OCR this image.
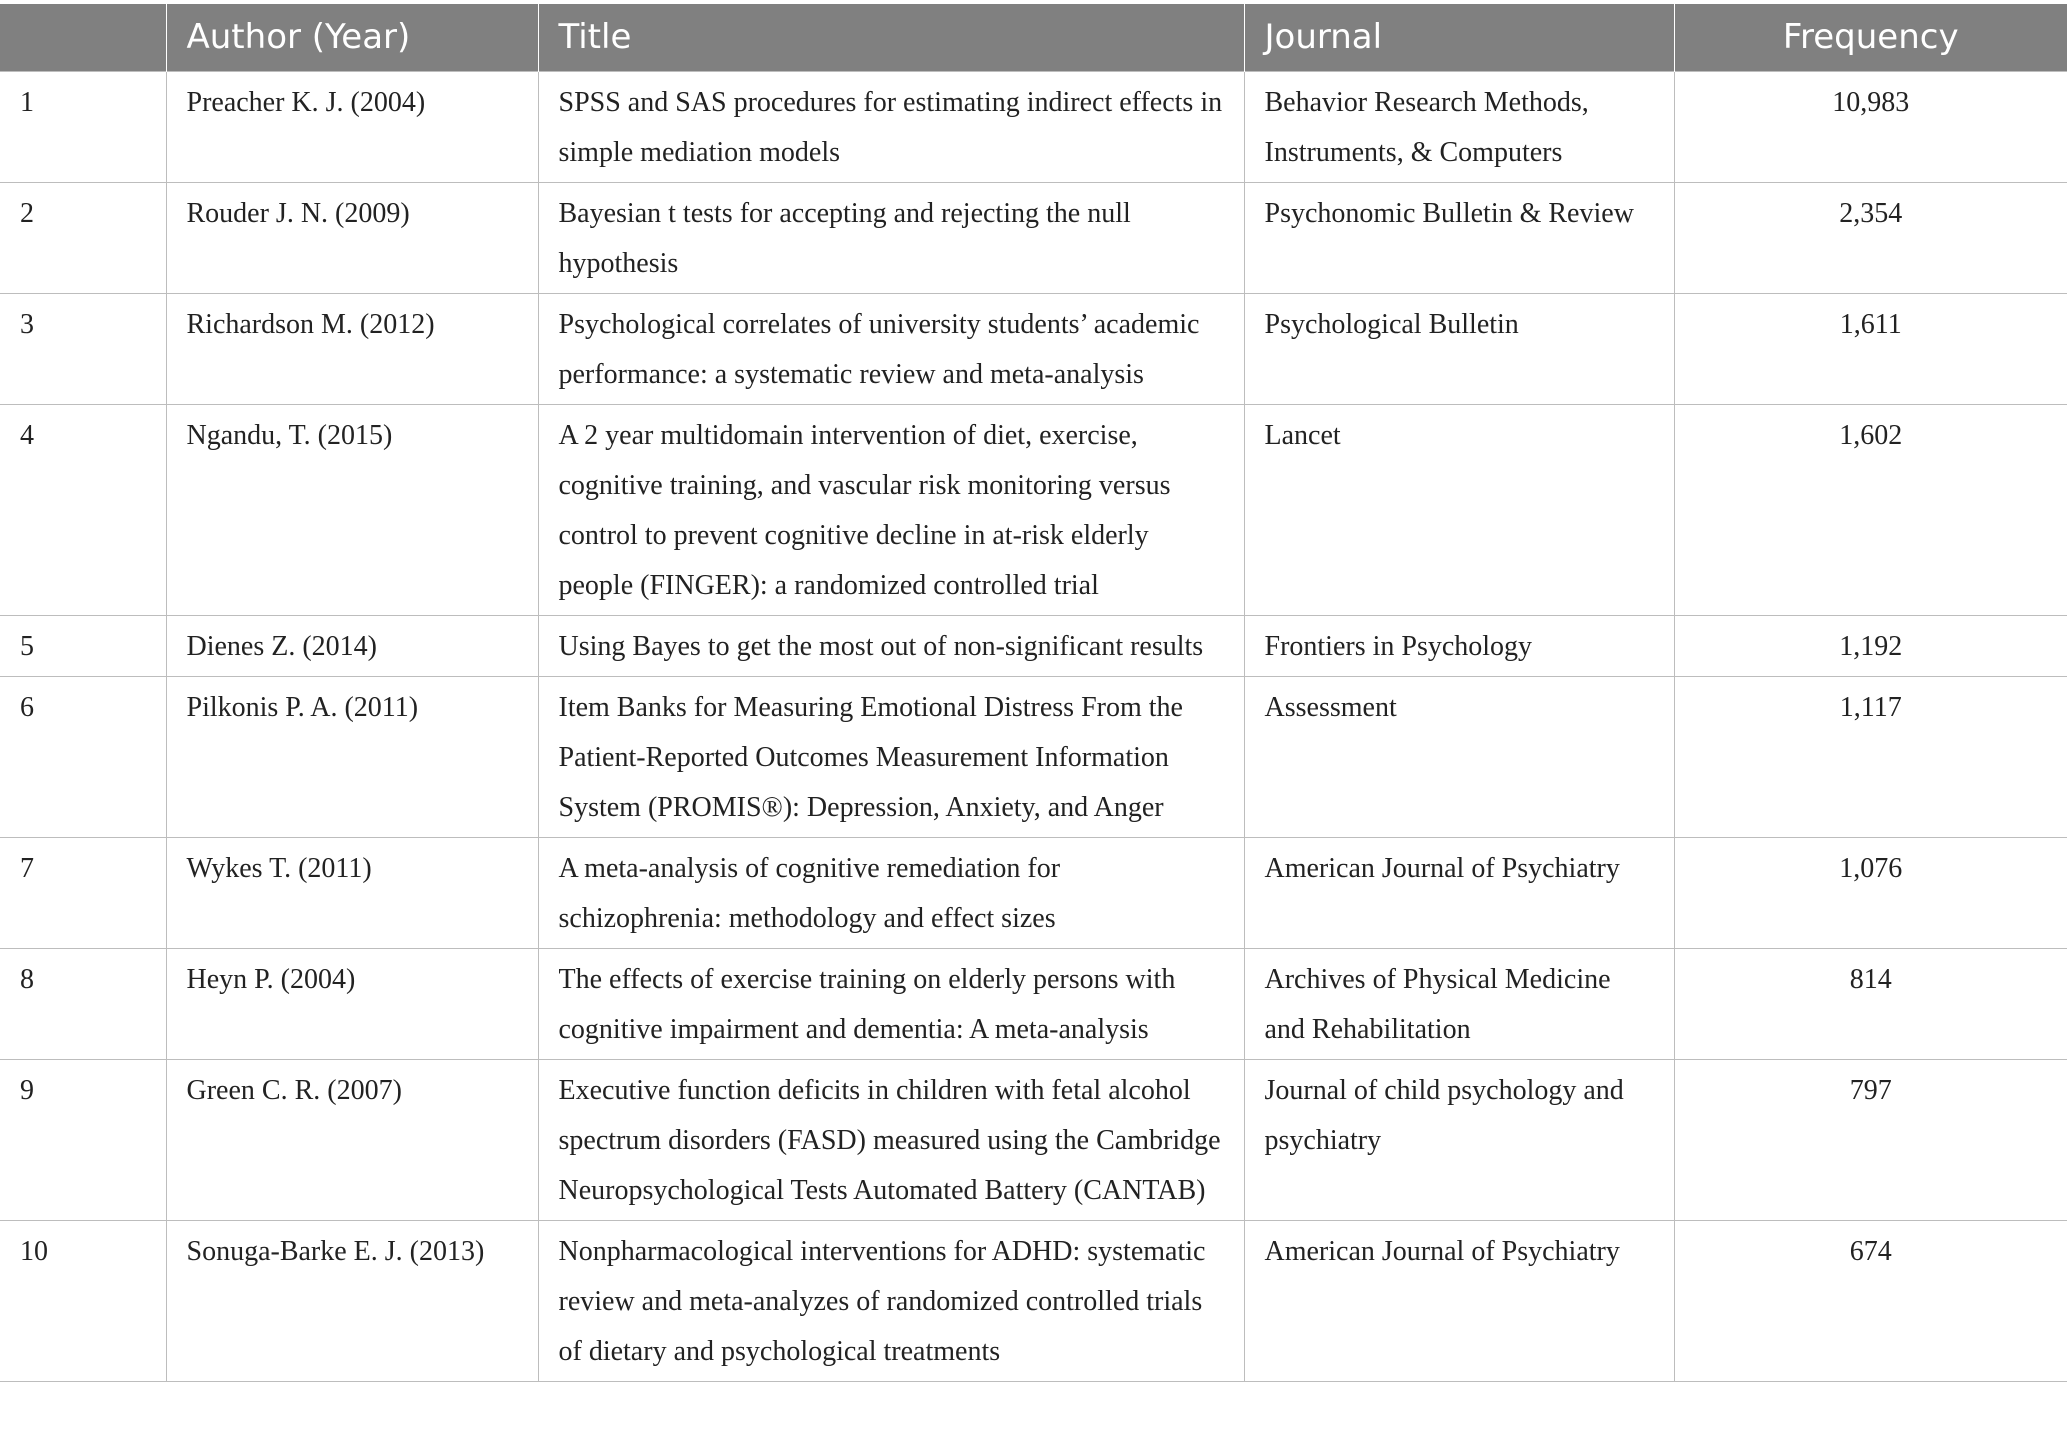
	Author (Year)	Title	Journal	Frequency
1	Preacher K. J. (2004)	SPSS and SAS procedures for estimating indirect effects in simple mediation models	Behavior Research Methods, Instruments, & Computers	10,983
2	Rouder J. N. (2009)	Bayesian t tests for accepting and rejecting the null hypothesis	Psychonomic Bulletin & Review	2,354
3	Richardson M. (2012)	Psychological correlates of university students’ academic performance: a systematic review and meta-analysis	Psychological Bulletin	1,611
4	Ngandu, T. (2015)	A 2 year multidomain intervention of diet, exercise, cognitive training, and vascular risk monitoring versus control to prevent cognitive decline in at-risk elderly people (FINGER): a randomized controlled trial	Lancet	1,602
5	Dienes Z. (2014)	Using Bayes to get the most out of non-significant results	Frontiers in Psychology	1,192
6	Pilkonis P. A. (2011)	Item Banks for Measuring Emotional Distress From the Patient-Reported Outcomes Measurement Information System (PROMIS®): Depression, Anxiety, and Anger	Assessment	1,117
7	Wykes T. (2011)	A meta-analysis of cognitive remediation for schizophrenia: methodology and effect sizes	American Journal of Psychiatry	1,076
8	Heyn P. (2004)	The effects of exercise training on elderly persons with cognitive impairment and dementia: A meta-analysis	Archives of Physical Medicine and Rehabilitation	814
9	Green C. R. (2007)	Executive function deficits in children with fetal alcohol spectrum disorders (FASD) measured using the Cambridge Neuropsychological Tests Automated Battery (CANTAB)	Journal of child psychology and psychiatry	797
10	Sonuga-Barke E. J. (2013)	Nonpharmacological interventions for ADHD: systematic review and meta-analyzes of randomized controlled trials of dietary and psychological treatments	American Journal of Psychiatry	674
